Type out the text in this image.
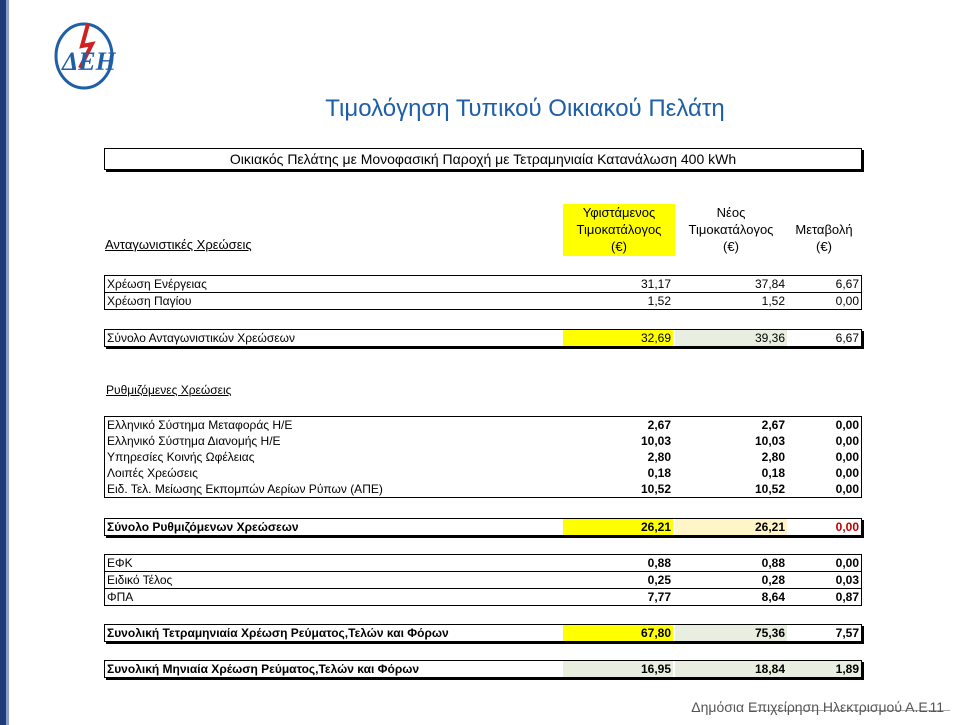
ΔΕΗ
Τιμολόγηση Τυπικού Οικιακού Πελάτη
Οικιακός Πελάτης με Μονοφασική Παροχή με Τετραμηνιαία Κατανάλωση 400 kWh
Ανταγωνιστικές Χρεώσεις
Υφιστάμενος
Τιμοκατάλογος
(€)
Νέος
Τιμοκατάλογος
(€)
Μεταβολή
(€)
Χρέωση Ενέργειας	31,17	37,84	6,67
Χρέωση Παγίου	1,52	1,52	0,00
Σύνολο Ανταγωνιστικών Χρεώσεων	32,69	39,36	6,67
Ρυθμιζόμενες Χρεώσεις
Ελληνικό Σύστημα Μεταφοράς Η/Ε	2,67	2,67	0,00
Ελληνικό Σύστημα Διανομής Η/Ε	10,03	10,03	0,00
Υπηρεσίες Κοινής Ωφέλειας	2,80	2,80	0,00
Λοιπές Χρεώσεις	0,18	0,18	0,00
Ειδ. Τελ. Μείωσης Εκπομπών Αερίων Ρύπων (ΑΠΕ)	10,52	10,52	0,00
Σύνολο Ρυθμιζόμενων Χρεώσεων	26,21	26,21	0,00
ΕΦΚ	0,88	0,88	0,00
Ειδικό Τέλος	0,25	0,28	0,03
ΦΠΑ	7,77	8,64	0,87
Συνολική Τετραμηνιαία Χρέωση Ρεύματος,Τελών και Φόρων	67,80	75,36	7,57
Συνολική Μηνιαία Χρέωση Ρεύματος,Τελών και Φόρων	16,95	18,84	1,89
Δημόσια Επιχείρηση Ηλεκτρισμού Α.Ε. 11
